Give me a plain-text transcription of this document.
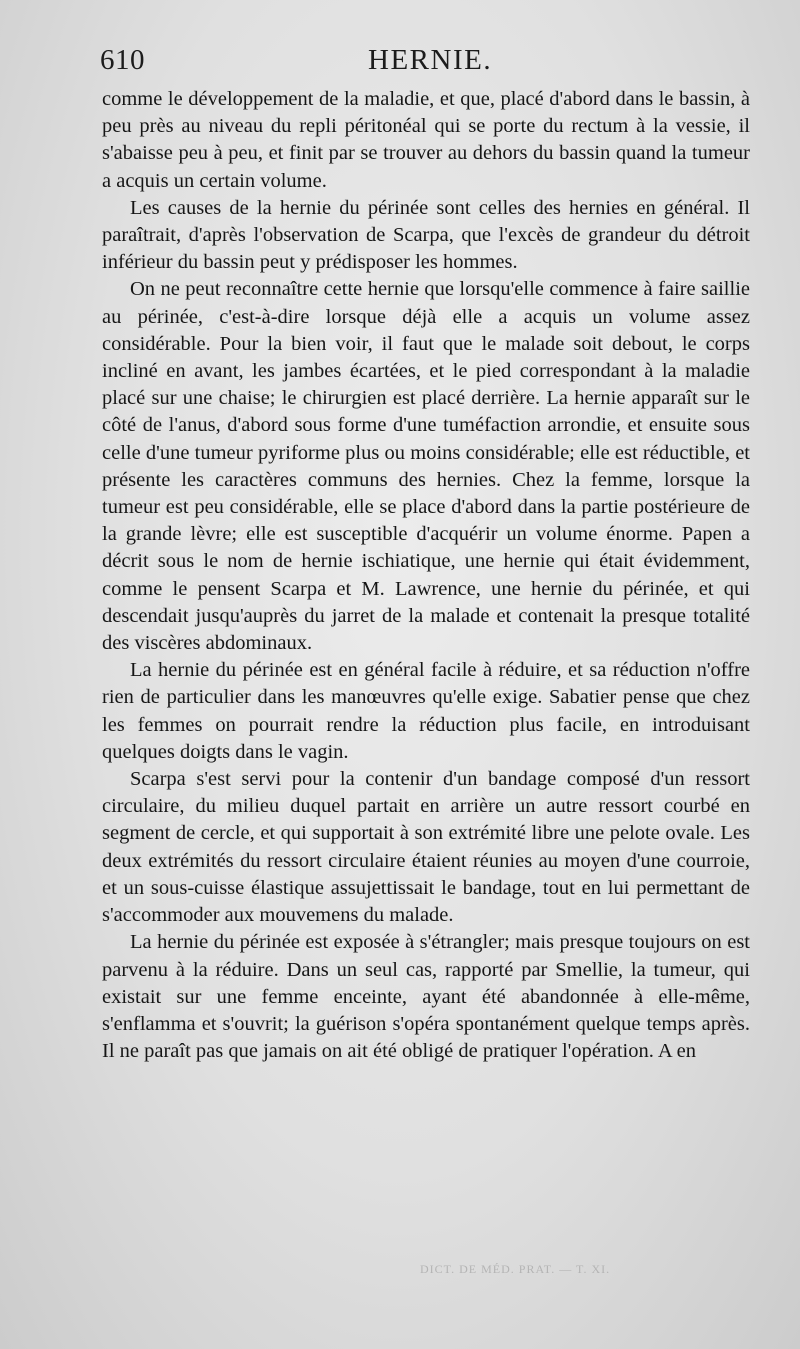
610	HERNIE.

comme le développement de la maladie, et que, placé d'abord dans le bassin, à peu près au niveau du repli péritonéal qui se porte du rectum à la vessie, il s'abaisse peu à peu, et finit par se trouver au dehors du bassin quand la tumeur a acquis un certain volume.

Les causes de la hernie du périnée sont celles des hernies en général. Il paraîtrait, d'après l'observation de Scarpa, que l'excès de grandeur du détroit inférieur du bassin peut y prédisposer les hommes.

On ne peut reconnaître cette hernie que lorsqu'elle commence à faire saillie au périnée, c'est-à-dire lorsque déjà elle a acquis un volume assez considérable. Pour la bien voir, il faut que le malade soit debout, le corps incliné en avant, les jambes écartées, et le pied correspondant à la maladie placé sur une chaise; le chirurgien est placé derrière. La hernie apparaît sur le côté de l'anus, d'abord sous forme d'une tuméfaction arrondie, et ensuite sous celle d'une tumeur pyriforme plus ou moins considérable; elle est réductible, et présente les caractères communs des hernies. Chez la femme, lorsque la tumeur est peu considérable, elle se place d'abord dans la partie postérieure de la grande lèvre; elle est susceptible d'acquérir un volume énorme. Papen a décrit sous le nom de hernie ischiatique, une hernie qui était évidemment, comme le pensent Scarpa et M. Lawrence, une hernie du périnée, et qui descendait jusqu'auprès du jarret de la malade et contenait la presque totalité des viscères abdominaux.

La hernie du périnée est en général facile à réduire, et sa réduction n'offre rien de particulier dans les manœuvres qu'elle exige. Sabatier pense que chez les femmes on pourrait rendre la réduction plus facile, en introduisant quelques doigts dans le vagin.

Scarpa s'est servi pour la contenir d'un bandage composé d'un ressort circulaire, du milieu duquel partait en arrière un autre ressort courbé en segment de cercle, et qui supportait à son extrémité libre une pelote ovale. Les deux extrémités du ressort circulaire étaient réunies au moyen d'une courroie, et un sous-cuisse élastique assujettissait le bandage, tout en lui permettant de s'accommoder aux mouvemens du malade.

La hernie du périnée est exposée à s'étrangler; mais presque toujours on est parvenu à la réduire. Dans un seul cas, rapporté par Smellie, la tumeur, qui existait sur une femme enceinte, ayant été abandonnée à elle-même, s'enflamma et s'ouvrit; la guérison s'opéra spontanément quelque temps après. Il ne paraît pas que jamais on ait été obligé de pratiquer l'opération. A en

DICT. DE MÉD. PRAT. — T. XI.
